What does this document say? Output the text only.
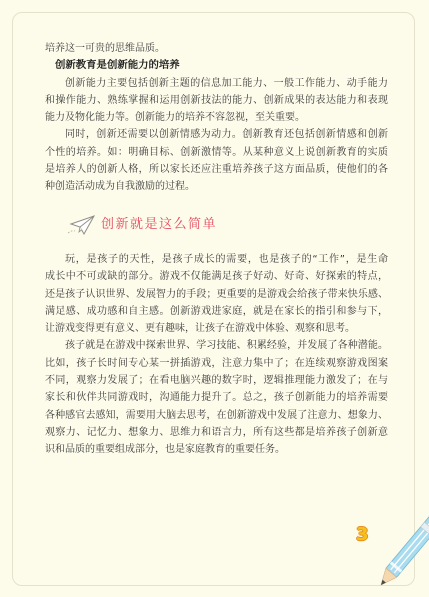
培养这一可贵的思维品质。
创新教育是创新能力的培养
创新能力主要包括创新主题的信息加工能力、一般工作能力、动手能力
和操作能力、熟练掌握和运用创新技法的能力、创新成果的表达能力和表现
能力及物化能力等。创新能力的培养不容忽视，至关重要。
同时，创新还需要以创新情感为动力。创新教育还包括创新情感和创新
个性的培养。如：明确目标、创新激情等。从某种意义上说创新教育的实质
是培养人的创新人格，所以家长还应注重培养孩子这方面品质，使他们的各
种创造活动成为自我激励的过程。
创新就是这么简单
玩，是孩子的天性，是孩子成长的需要，也是孩子的“工作”，是生命
成长中不可或缺的部分。游戏不仅能满足孩子好动、好奇、好探索的特点，
还是孩子认识世界、发展智力的手段；更重要的是游戏会给孩子带来快乐感、
满足感、成功感和自主感。创新游戏进家庭，就是在家长的指引和参与下，
让游戏变得更有意义、更有趣味，让孩子在游戏中体验、观察和思考。
孩子就是在游戏中探索世界、学习技能、积累经验，并发展了各种潜能。
比如，孩子长时间专心某一拼插游戏，注意力集中了；在连续观察游戏图案
不同，观察力发展了；在看电脑兴趣的数字时，逻辑推理能力激发了；在与
家长和伙伴共同游戏时，沟通能力提升了。总之，孩子创新能力的培养需要
各种感官去感知，需要用大脑去思考，在创新游戏中发展了注意力、想象力、
观察力、记忆力、想象力、思维力和语言力，所有这些都是培养孩子创新意
识和品质的重要组成部分，也是家庭教育的重要任务。
3
